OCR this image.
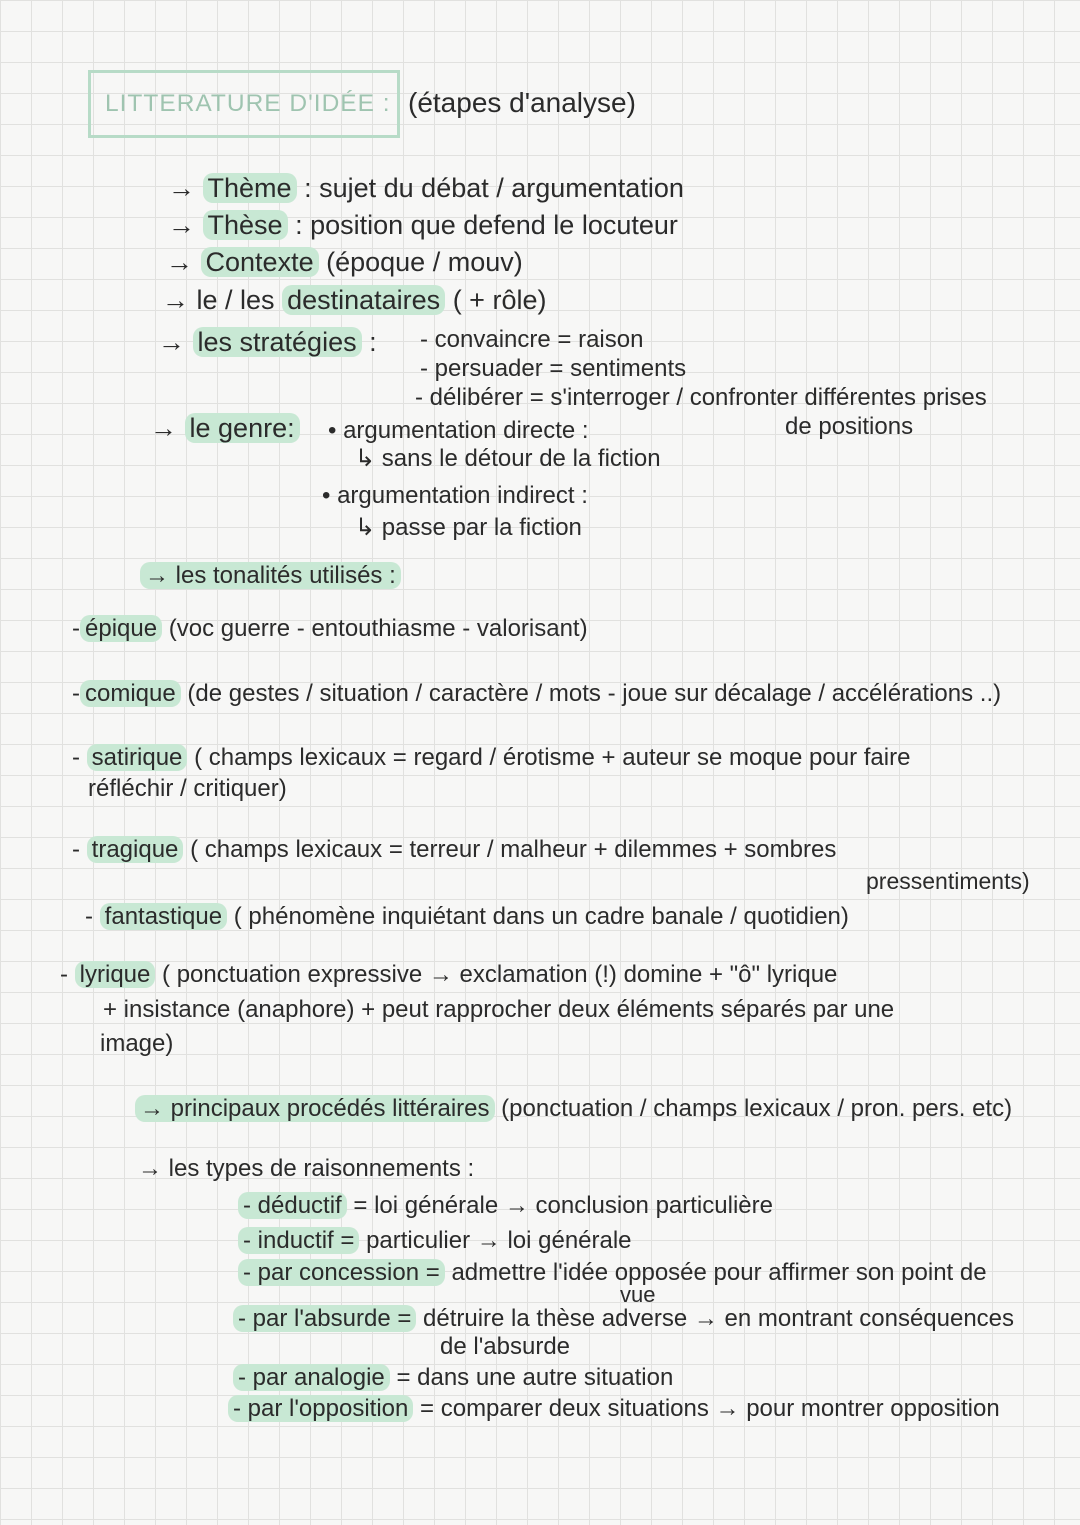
LITTERATURE D'IDÉE : (étapes d'analyse)
→ Thème : sujet du débat / argumentation
→ Thèse : position que defend le locuteur
→ Contexte (époque / mouv)
→ le / les destinataires ( + rôle)
→ les stratégies : - convaincre = raison
- persuader = sentiments
- délibérer = s'interroger / confronter différentes prises
de positions
→ le genre: • argumentation directe :
↳ sans le détour de la fiction
• argumentation indirect :
↳ passe par la fiction
→ les tonalités utilisés :
- épique (voc guerre - entouthiasme - valorisant)
- comique (de gestes / situation / caractère / mots - joue sur décalage / accélérations ..)
- satirique ( champs lexicaux = regard / érotisme + auteur se moque pour faire
réfléchir / critiquer)
- tragique ( champs lexicaux = terreur / malheur + dilemmes + sombres
pressentiments)
- fantastique ( phénomène inquiétant dans un cadre banale / quotidien)
- lyrique ( ponctuation expressive → exclamation (!) domine + "ô" lyrique
+ insistance (anaphore) + peut rapprocher deux éléments séparés par une
image)
→ principaux procédés littéraires (ponctuation / champs lexicaux / pron. pers. etc)
→ les types de raisonnements :
- déductif = loi générale → conclusion particulière
- inductif = particulier → loi générale
- par concession = admettre l'idée opposée pour affirmer son point de
vue
- par l'absurde = détruire la thèse adverse → en montrant conséquences
de l'absurde
- par analogie = dans une autre situation
- par l'opposition = comparer deux situations → pour montrer opposition
